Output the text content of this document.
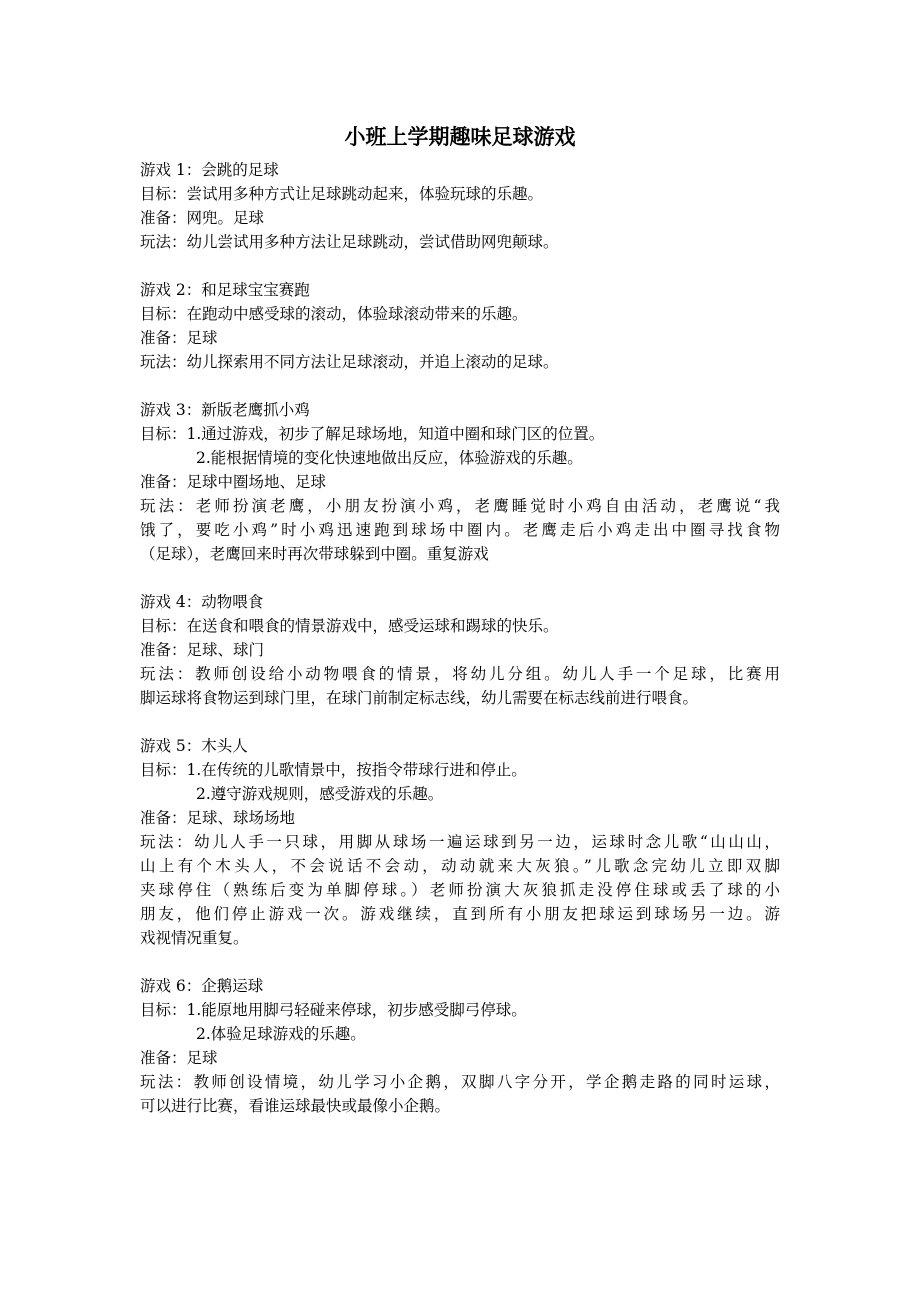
小班上学期趣味足球游戏
游戏 1：会跳的足球
目标：尝试用多种方式让足球跳动起来，体验玩球的乐趣。
准备：网兜。足球
玩法：幼儿尝试用多种方法让足球跳动，尝试借助网兜颠球。
游戏 2：和足球宝宝赛跑
目标：在跑动中感受球的滚动，体验球滚动带来的乐趣。
准备：足球
玩法：幼儿探索用不同方法让足球滚动，并追上滚动的足球。
游戏 3：新版老鹰抓小鸡
目标：1.通过游戏，初步了解足球场地，知道中圈和球门区的位置。
2.能根据情境的变化快速地做出反应，体验游戏的乐趣。
准备：足球中圈场地、足球
玩法：老师扮演老鹰，小朋友扮演小鸡，老鹰睡觉时小鸡自由活动，老鹰说“我
饿了，要吃小鸡”时小鸡迅速跑到球场中圈内。老鹰走后小鸡走出中圈寻找食物
（足球），老鹰回来时再次带球躲到中圈。重复游戏
游戏 4：动物喂食
目标：在送食和喂食的情景游戏中，感受运球和踢球的快乐。
准备：足球、球门
玩法：教师创设给小动物喂食的情景，将幼儿分组。幼儿人手一个足球，比赛用
脚运球将食物运到球门里，在球门前制定标志线，幼儿需要在标志线前进行喂食。
游戏 5：木头人
目标：1.在传统的儿歌情景中，按指令带球行进和停止。
2.遵守游戏规则，感受游戏的乐趣。
准备：足球、球场场地
玩法：幼儿人手一只球，用脚从球场一遍运球到另一边，运球时念儿歌“山山山，
山上有个木头人，不会说话不会动，动动就来大灰狼。”儿歌念完幼儿立即双脚
夹球停住（熟练后变为单脚停球。）老师扮演大灰狼抓走没停住球或丢了球的小
朋友，他们停止游戏一次。游戏继续，直到所有小朋友把球运到球场另一边。游
戏视情况重复。
游戏 6：企鹅运球
目标：1.能原地用脚弓轻碰来停球，初步感受脚弓停球。
2.体验足球游戏的乐趣。
准备：足球
玩法：教师创设情境，幼儿学习小企鹅，双脚八字分开，学企鹅走路的同时运球，
可以进行比赛，看谁运球最快或最像小企鹅。
